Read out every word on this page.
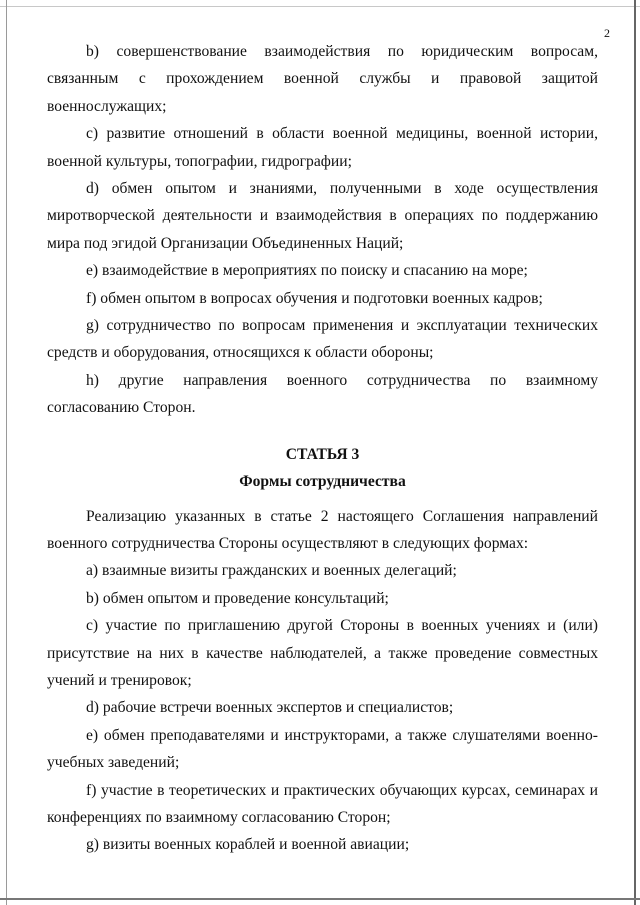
2

b) совершенствование взаимодействия по юридическим вопросам, связанным с прохождением военной службы и правовой защитой военнослужащих;

c) развитие отношений в области военной медицины, военной истории, военной культуры, топографии, гидрографии;

d) обмен опытом и знаниями, полученными в ходе осуществления миротворческой деятельности и взаимодействия в операциях по поддержанию мира под эгидой Организации Объединенных Наций;

e) взаимодействие в мероприятиях по поиску и спасанию на море;

f) обмен опытом в вопросах обучения и подготовки военных кадров;

g) сотрудничество по вопросам применения и эксплуатации технических средств и оборудования, относящихся к области обороны;

h) другие направления военного сотрудничества по взаимному согласованию Сторон.

СТАТЬЯ 3

Формы сотрудничества

Реализацию указанных в статье 2 настоящего Соглашения направлений военного сотрудничества Стороны осуществляют в следующих формах:

a) взаимные визиты гражданских и военных делегаций;

b) обмен опытом и проведение консультаций;

c) участие по приглашению другой Стороны в военных учениях и (или) присутствие на них в качестве наблюдателей, а также проведение совместных учений и тренировок;

d) рабочие встречи военных экспертов и специалистов;

e) обмен преподавателями и инструкторами, а также слушателями военно-учебных заведений;

f) участие в теоретических и практических обучающих курсах, семинарах и конференциях по взаимному согласованию Сторон;

g) визиты военных кораблей и военной авиации;
